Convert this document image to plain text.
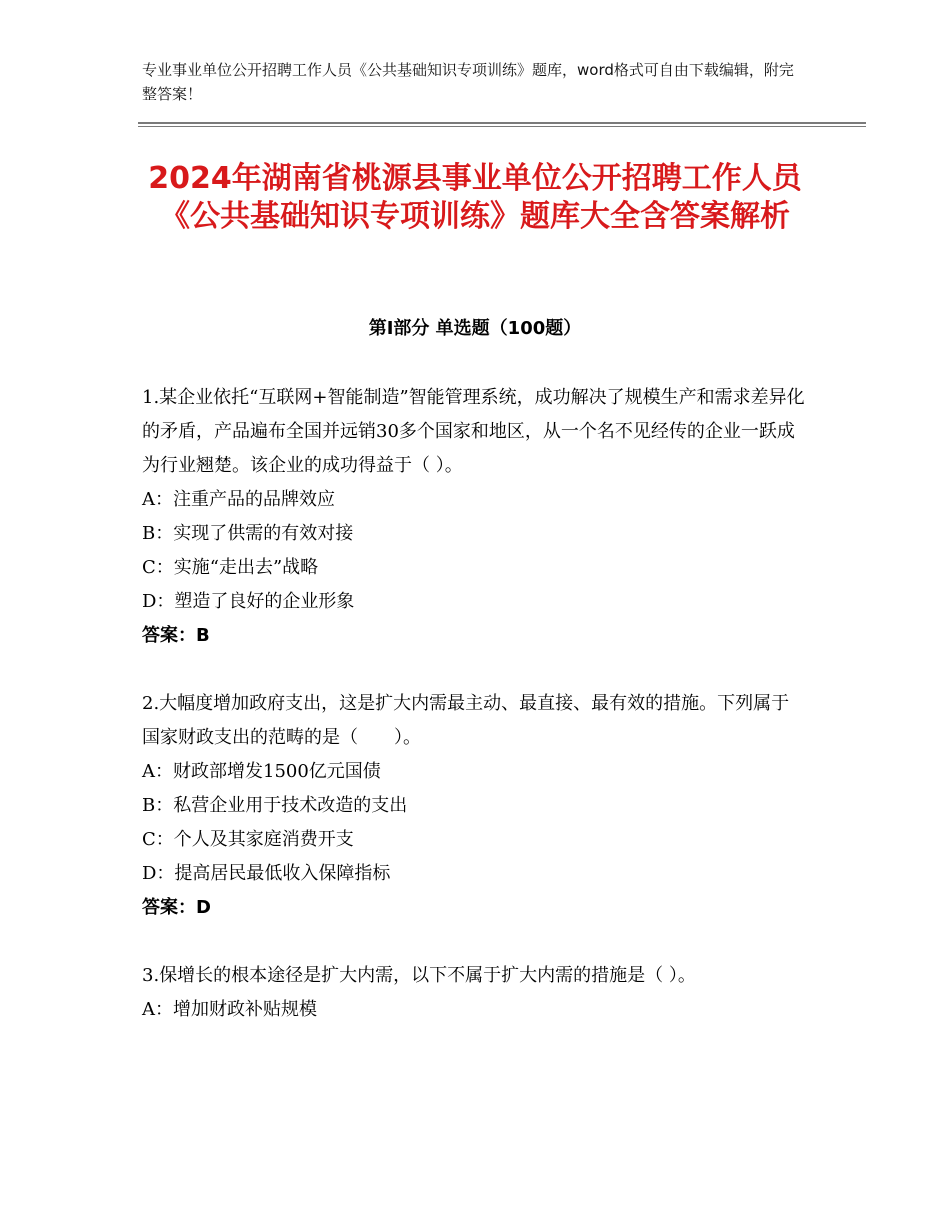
专业事业单位公开招聘工作人员《公共基础知识专项训练》题库，word格式可自由下载编辑，附完整答案！
2024年湖南省桃源县事业单位公开招聘工作人员《公共基础知识专项训练》题库大全含答案解析
第Ⅰ部分 单选题（100题）

1.某企业依托“互联网+智能制造”智能管理系统，成功解决了规模生产和需求差异化的矛盾，产品遍布全国并远销30多个国家和地区，从一个名不见经传的企业一跃成为行业翘楚。该企业的成功得益于（ ）。

A：注重产品的品牌效应

B：实现了供需的有效对接

C：实施“走出去”战略

D：塑造了良好的企业形象

答案：B

2.大幅度增加政府支出，这是扩大内需最主动、最直接、最有效的措施。下列属于国家财政支出的范畴的是（　　）。

A：财政部增发1500亿元国债

B：私营企业用于技术改造的支出

C：个人及其家庭消费开支

D：提高居民最低收入保障指标

答案：D

3.保增长的根本途径是扩大内需，以下不属于扩大内需的措施是（ ）。

A：增加财政补贴规模
